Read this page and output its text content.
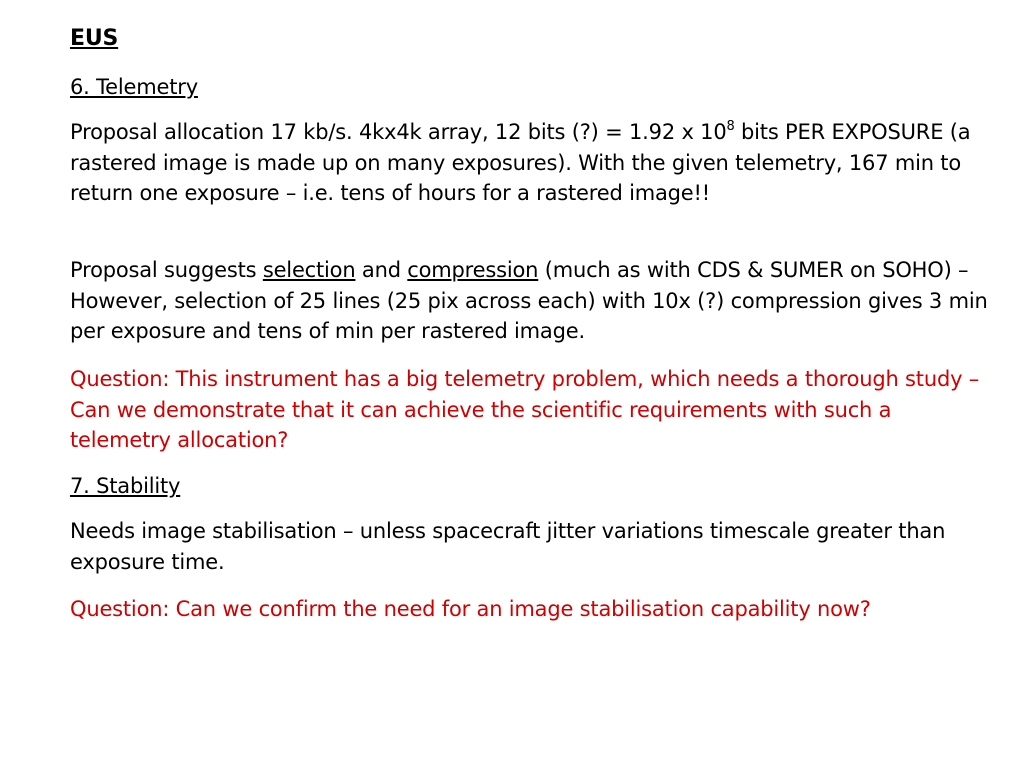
EUS

6. Telemetry

Proposal allocation 17 kb/s. 4kx4k array, 12 bits (?) = 1.92 x $10^8$ bits PER EXPOSURE (a rastered image is made up on many exposures). With the given telemetry, 167 min to return one exposure – i.e. tens of hours for a rastered image!!

Proposal suggests selection and compression (much as with CDS & SUMER on SOHO) – However, selection of 25 lines (25 pix across each) with 10x (?) compression gives 3 min per exposure and tens of min per rastered image.

Question: This instrument has a big telemetry problem, which needs a thorough study – Can we demonstrate that it can achieve the scientific requirements with such a telemetry allocation?

7. Stability

Needs image stabilisation – unless spacecraft jitter variations timescale greater than exposure time.

Question: Can we confirm the need for an image stabilisation capability now?
